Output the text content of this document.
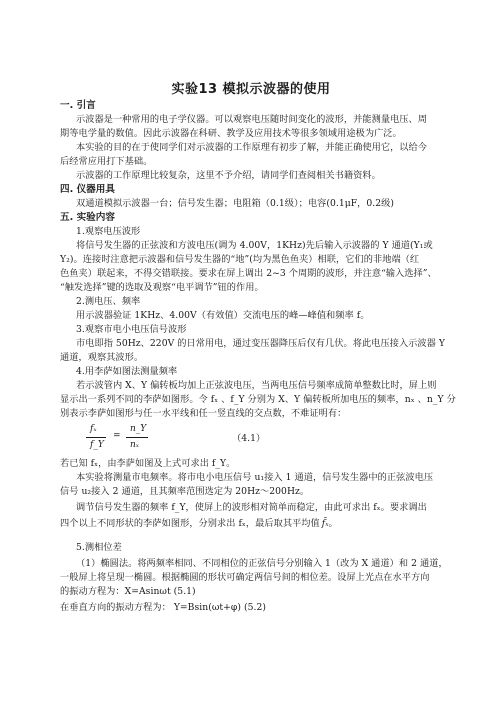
实验13 模拟示波器的使用
一. 引言
示波器是一种常用的电子学仪器。可以观察电压随时间变化的波形，并能测量电压、周
期等电学量的数值。因此示波器在科研、教学及应用技术等很多领域用途极为广泛。
本实验的目的在于使同学们对示波器的工作原理有初步了解，并能正确使用它，以给今
后经常应用打下基础。
示波器的工作原理比较复杂，这里不予介绍，请同学们查阅相关书籍资料。
四. 仪器用具
双通道模拟示波器一台；信号发生器；电阻箱（0.1级）；电容(0.1μF，0.2级)
五. 实验内容
1.观察电压波形
将信号发生器的正弦波和方波电压(调为 4.00V，1KHz)先后输入示波器的 Y 通道(Y₁或
Y₂)。连接时注意把示波器和信号发生器的“地”(均为黑色鱼夹）相联，它们的非地端（红
色鱼夹）联起来，不得交错联接。要求在屏上调出 2~3 个周期的波形，并注意“输入选择”、
“触发选择”键的选取及观察“电平调节”钮的作用。
2.测电压、频率
用示波器验证 1KHz、4.00V（有效值）交流电压的峰—峰值和频率 f。
3.观察市电小电压信号波形
市电即指 50Hz、220V 的日常用电，通过变压器降压后仅有几伏。将此电压接入示波器 Y
通道，观察其波形。
4.用李萨如图法测量频率
若示波管内 X、Y 偏转板均加上正弦波电压，当两电压信号频率成简单整数比时，屏上则
显示出一系列不同的李萨如图形。令 fₓ 、f_Y 分别为 X、Y 偏转板所加电压的频率，nₓ 、n_Y 分
别表示李萨如图形与任一水平线和任一竖直线的交点数，不难证明有：
fₓ
f_Y
=
n_Y
nₓ
（4.1）
若已知 fₓ，由李萨如图及上式可求出 f_Y。
本实验将测量市电频率。将市电小电压信号 u₁接入 1 通道，信号发生器中的正弦波电压
信号 u₂接入 2 通道，且其频率范围选定为 20Hz～200Hz。
调节信号发生器的频率 f_Y，使屏上的波形相对简单而稳定，由此可求出 fₓ。要求调出
四个以上不同形状的李萨如图形，分别求出 fₓ，最后取其平均值 f̄ₓ。
5.测相位差
（1）椭圆法。将两频率相同、不同相位的正弦信号分别输入 1（改为 X 通道）和 2 通道，
一般屏上将呈现一椭圆。根据椭圆的形状可确定两信号间的相位差。设屏上光点在水平方向
的振动方程为：X=Asinωt (5.1)
在垂直方向的振动方程为： Y=Bsin(ωt+φ) (5.2)
